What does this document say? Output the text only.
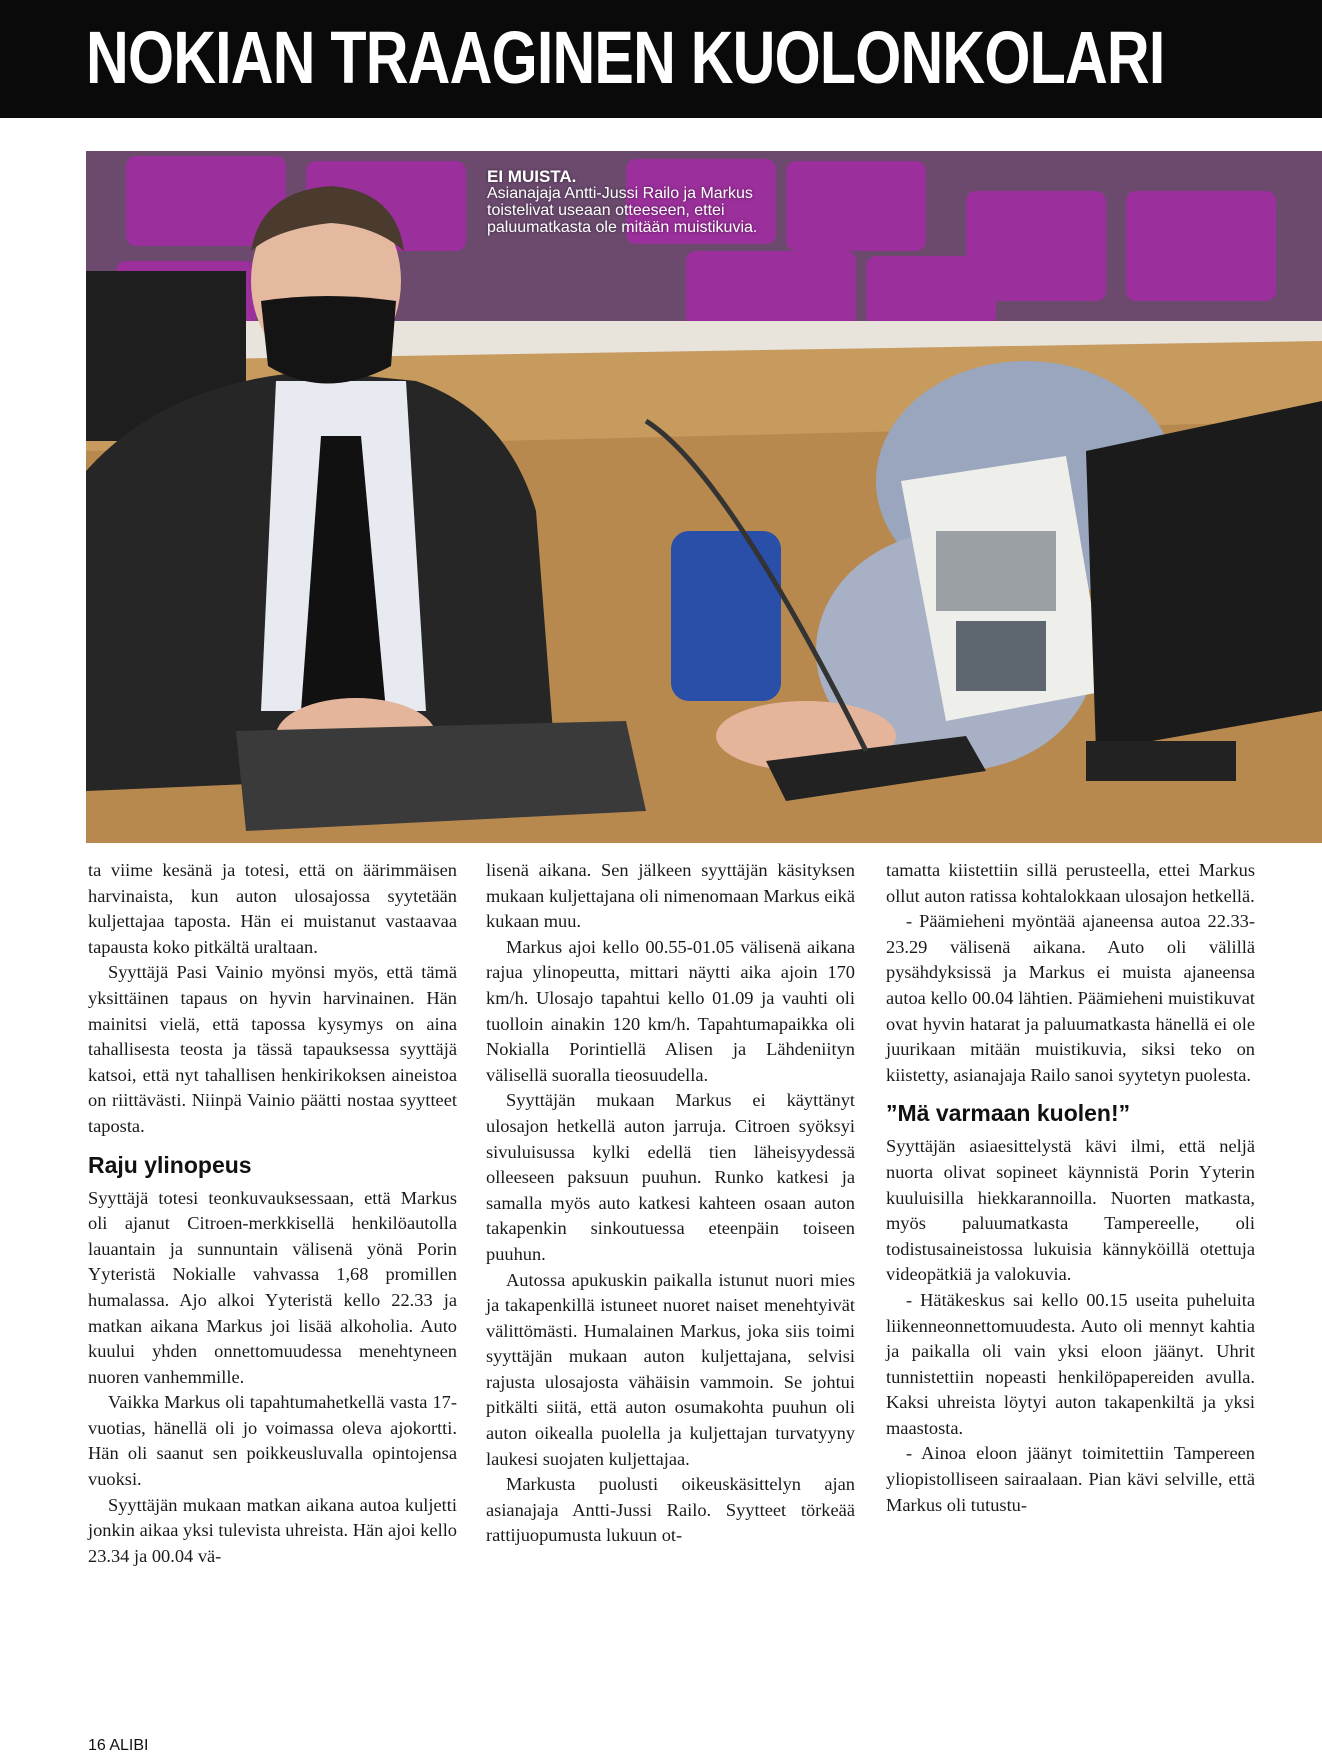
NOKIAN TRAAGINEN KUOLONKOLARI
EI MUISTA.
Asianajaja Antti-Jussi Railo ja Markus toistelivat useaan otteeseen, ettei paluumatkasta ole mitään muistikuvia.

ta viime kesänä ja totesi, että on äärimmäisen harvinaista, kun auton ulosajossa syytetään kuljettajaa taposta. Hän ei muistanut vastaavaa tapausta koko pitkältä uraltaan.

Syyttäjä Pasi Vainio myönsi myös, että tämä yksittäinen tapaus on hyvin harvinainen. Hän mainitsi vielä, että tapossa kysymys on aina tahallisesta teosta ja tässä tapauksessa syyttäjä katsoi, että nyt tahallisen henkirikoksen aineistoa on riittävästi. Niinpä Vainio päätti nostaa syytteet taposta.

Raju ylinopeus

Syyttäjä totesi teonkuvauksessaan, että Markus oli ajanut Citroen-merkkisellä henkilöautolla lauantain ja sunnuntain välisenä yönä Porin Yyteristä Nokialle vahvassa 1,68 promillen humalassa. Ajo alkoi Yyteristä kello 22.33 ja matkan aikana Markus joi lisää alkoholia. Auto kuului yhden onnettomuudessa menehtyneen nuoren vanhemmille.

Vaikka Markus oli tapahtumahetkellä vasta 17-vuotias, hänellä oli jo voimassa oleva ajokortti. Hän oli saanut sen poikkeusluvalla opintojensa vuoksi.

Syyttäjän mukaan matkan aikana autoa kuljetti jonkin aikaa yksi tulevista uhreista. Hän ajoi kello 23.34 ja 00.04 vä-

lisenä aikana. Sen jälkeen syyttäjän käsityksen mukaan kuljettajana oli nimenomaan Markus eikä kukaan muu.

Markus ajoi kello 00.55-01.05 välisenä aikana rajua ylinopeutta, mittari näytti aika ajoin 170 km/h. Ulosajo tapahtui kello 01.09 ja vauhti oli tuolloin ainakin 120 km/h. Tapahtumapaikka oli Nokialla Porintiellä Alisen ja Lähdeniityn välisellä suoralla tieosuudella.

Syyttäjän mukaan Markus ei käyttänyt ulosajon hetkellä auton jarruja. Citroen syöksyi sivuluisussa kylki edellä tien läheisyydessä olleeseen paksuun puuhun. Runko katkesi ja samalla myös auto katkesi kahteen osaan auton takapenkin sinkoutuessa eteenpäin toiseen puuhun.

Autossa apukuskin paikalla istunut nuori mies ja takapenkillä istuneet nuoret naiset menehtyivät välittömästi. Humalainen Markus, joka siis toimi syyttäjän mukaan auton kuljettajana, selvisi rajusta ulosajosta vähäisin vammoin. Se johtui pitkälti siitä, että auton osumakohta puuhun oli auton oikealla puolella ja kuljettajan turvatyyny laukesi suojaten kuljettajaa.

Markusta puolusti oikeuskäsittelyn ajan asianajaja Antti-Jussi Railo. Syytteet törkeää rattijuopumusta lukuun ot-

tamatta kiistettiin sillä perusteella, ettei Markus ollut auton ratissa kohtalokkaan ulosajon hetkellä.

- Päämieheni myöntää ajaneensa autoa 22.33-23.29 välisenä aikana. Auto oli välillä pysähdyksissä ja Markus ei muista ajaneensa autoa kello 00.04 lähtien. Päämieheni muistikuvat ovat hyvin hatarat ja paluumatkasta hänellä ei ole juurikaan mitään muistikuvia, siksi teko on kiistetty, asianajaja Railo sanoi syytetyn puolesta.

”Mä varmaan kuolen!”

Syyttäjän asiaesittelystä kävi ilmi, että neljä nuorta olivat sopineet käynnistä Porin Yyterin kuuluisilla hiekkarannoilla. Nuorten matkasta, myös paluumatkasta Tampereelle, oli todistusaineistossa lukuisia kännyköillä otettuja videopätkiä ja valokuvia.

- Hätäkeskus sai kello 00.15 useita puheluita liikenneonnettomuudesta. Auto oli mennyt kahtia ja paikalla oli vain yksi eloon jäänyt. Uhrit tunnistettiin nopeasti henkilöpapereiden avulla. Kaksi uhreista löytyi auton takapenkiltä ja yksi maastosta.

- Ainoa eloon jäänyt toimitettiin Tampereen yliopistolliseen sairaalaan. Pian kävi selville, että Markus oli tutustu-

16 ALIBI
